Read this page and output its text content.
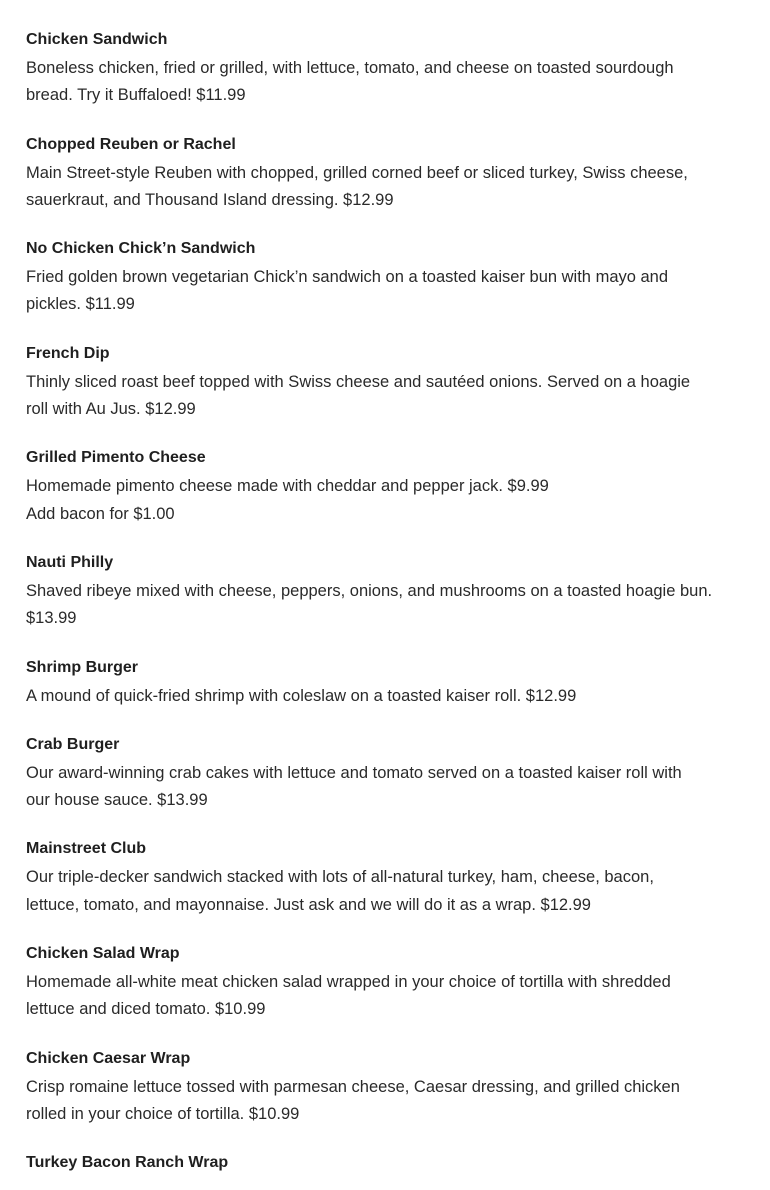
Chicken Sandwich

Boneless chicken, fried or grilled, with lettuce, tomato, and cheese on toasted sourdough
bread. Try it Buffaloed! $11.99

Chopped Reuben or Rachel

Main Street-style Reuben with chopped, grilled corned beef or sliced turkey, Swiss cheese,
sauerkraut, and Thousand Island dressing. $12.99

No Chicken Chick’n Sandwich

Fried golden brown vegetarian Chick’n sandwich on a toasted kaiser bun with mayo and
pickles. $11.99

French Dip

Thinly sliced roast beef topped with Swiss cheese and sautéed onions. Served on a hoagie
roll with Au Jus. $12.99

Grilled Pimento Cheese

Homemade pimento cheese made with cheddar and pepper jack. $9.99
Add bacon for $1.00

Nauti Philly

Shaved ribeye mixed with cheese, peppers, onions, and mushrooms on a toasted hoagie bun.
$13.99

Shrimp Burger

A mound of quick-fried shrimp with coleslaw on a toasted kaiser roll. $12.99

Crab Burger

Our award-winning crab cakes with lettuce and tomato served on a toasted kaiser roll with
our house sauce. $13.99

Mainstreet Club

Our triple-decker sandwich stacked with lots of all-natural turkey, ham, cheese, bacon,
lettuce, tomato, and mayonnaise. Just ask and we will do it as a wrap. $12.99

Chicken Salad Wrap

Homemade all-white meat chicken salad wrapped in your choice of tortilla with shredded
lettuce and diced tomato. $10.99

Chicken Caesar Wrap

Crisp romaine lettuce tossed with parmesan cheese, Caesar dressing, and grilled chicken
rolled in your choice of tortilla. $10.99

Turkey Bacon Ranch Wrap
